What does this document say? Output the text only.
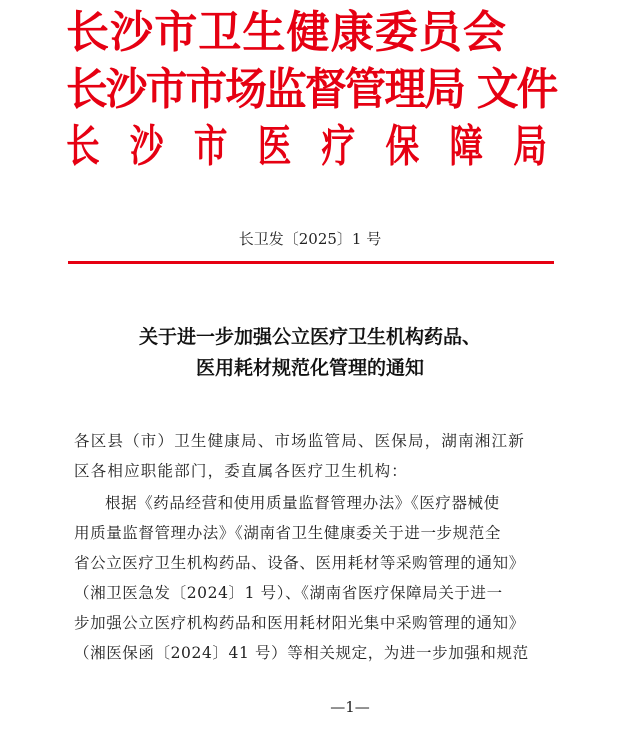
长沙市卫生健康委员会
长沙市市场监督管理局 文件
长 沙 市 医 疗 保 障 局
长卫发〔2025〕1 号
关于进一步加强公立医疗卫生机构药品、
医用耗材规范化管理的通知
各区县（市）卫生健康局、市场监管局、医保局，湖南湘江新
区各相应职能部门，委直属各医疗卫生机构：
根据《药品经营和使用质量监督管理办法》《医疗器械使
用质量监督管理办法》《湖南省卫生健康委关于进一步规范全
省公立医疗卫生机构药品、设备、医用耗材等采购管理的通知》
（湘卫医急发〔2024〕1 号）、《湖南省医疗保障局关于进一
步加强公立医疗机构药品和医用耗材阳光集中采购管理的通知》
（湘医保函〔2024〕41 号）等相关规定，为进一步加强和规范
—1—
